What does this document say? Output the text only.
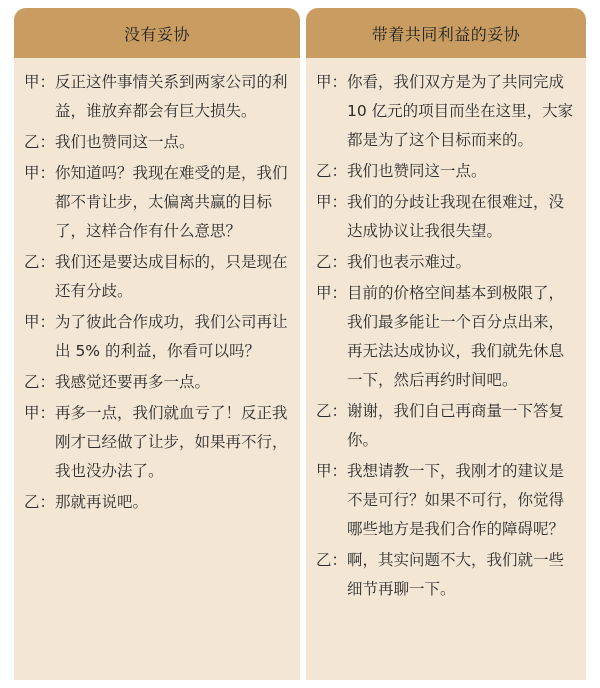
没有妥协
甲： 反正这件事情关系到两家公司的利益，谁放弃都会有巨大损失。
乙： 我们也赞同这一点。
甲： 你知道吗？我现在难受的是，我们都不肯让步，太偏离共赢的目标了，这样合作有什么意思？
乙： 我们还是要达成目标的，只是现在还有分歧。
甲： 为了彼此合作成功，我们公司再让出 5% 的利益，你看可以吗？
乙： 我感觉还要再多一点。
甲： 再多一点，我们就血亏了！反正我刚才已经做了让步，如果再不行，我也没办法了。
乙： 那就再说吧。
带着共同利益的妥协
甲： 你看，我们双方是为了共同完成 10 亿元的项目而坐在这里，大家都是为了这个目标而来的。
乙： 我们也赞同这一点。
甲： 我们的分歧让我现在很难过，没达成协议让我很失望。
乙： 我们也表示难过。
甲： 目前的价格空间基本到极限了，我们最多能让一个百分点出来，再无法达成协议，我们就先休息一下，然后再约时间吧。
乙： 谢谢，我们自己再商量一下答复你。
甲： 我想请教一下，我刚才的建议是不是可行？如果不可行，你觉得哪些地方是我们合作的障碍呢？
乙： 啊，其实问题不大，我们就一些细节再聊一下。
